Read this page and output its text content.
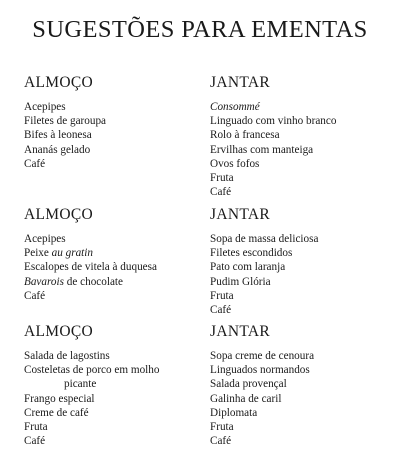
SUGESTÕES PARA EMENTAS
ALMOÇO
Acepipes
Filetes de garoupa
Bifes à leonesa
Ananás gelado
Café
JANTAR
Consommé
Linguado com vinho branco
Rolo à francesa
Ervilhas com manteiga
Ovos fofos
Fruta
Café
ALMOÇO
Acepipes
Peixe au gratin
Escalopes de vitela à duquesa
Bavarois de chocolate
Café
JANTAR
Sopa de massa deliciosa
Filetes escondidos
Pato com laranja
Pudim Glória
Fruta
Café
ALMOÇO
Salada de lagostins
Costeletas de porco em molho
picante
Frango especial
Creme de café
Fruta
Café
JANTAR
Sopa creme de cenoura
Linguados normandos
Salada provençal
Galinha de caril
Diplomata
Fruta
Café
